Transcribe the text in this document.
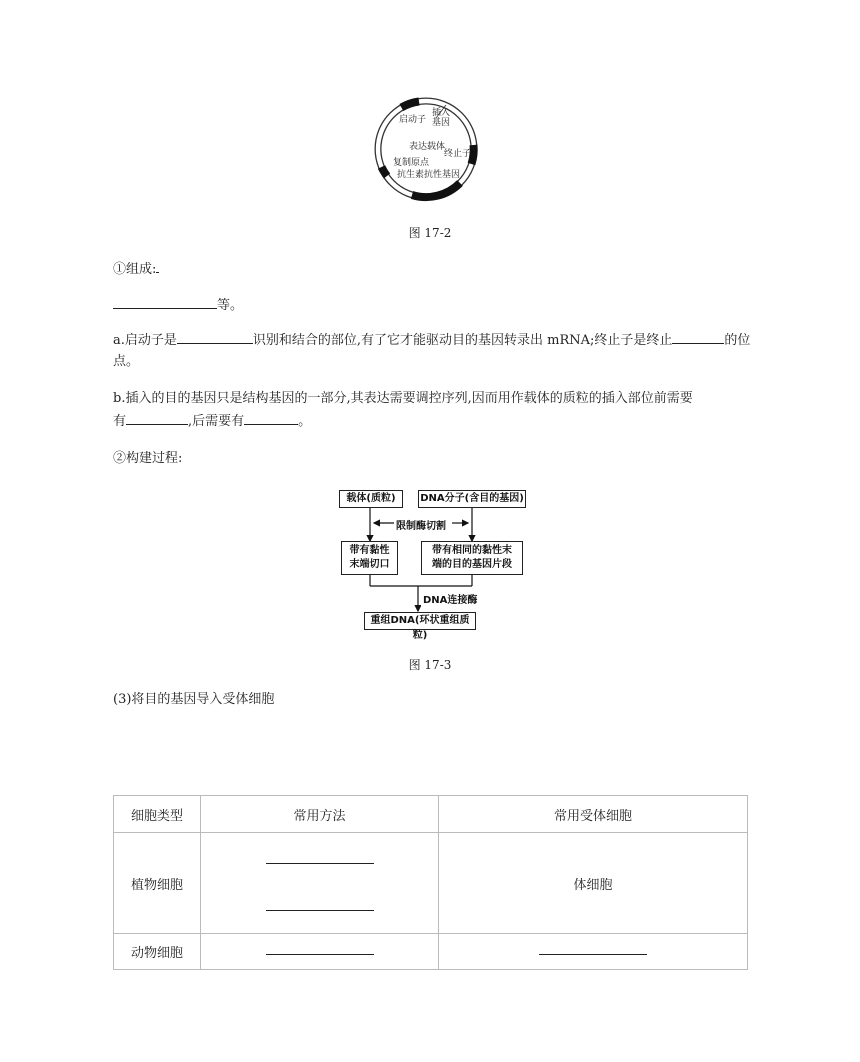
启动子
插入基因
表达载体
终止子
复制原点
抗生素抗性基因
图 17-2
①组成:
等。
a.启动子是	识别和结合的部位,有了它才能驱动目的基因转录出 mRNA;终止子是终止	的位
点。
b.插入的目的基因只是结构基因的一部分,其表达需要调控序列,因而用作载体的质粒的插入部位前需要
有	,后需要有	。
②构建过程:
载体(质粒)	DNA分子(含目的基因)
限制酶切割
带有黏性
末端切口
带有相同的黏性末
端的目的基因片段
DNA连接酶
重组DNA(环状重组质粒)
图 17-3
(3)将目的基因导入受体细胞
细胞类型	常用方法	常用受体细胞
植物细胞		体细胞
动物细胞		
